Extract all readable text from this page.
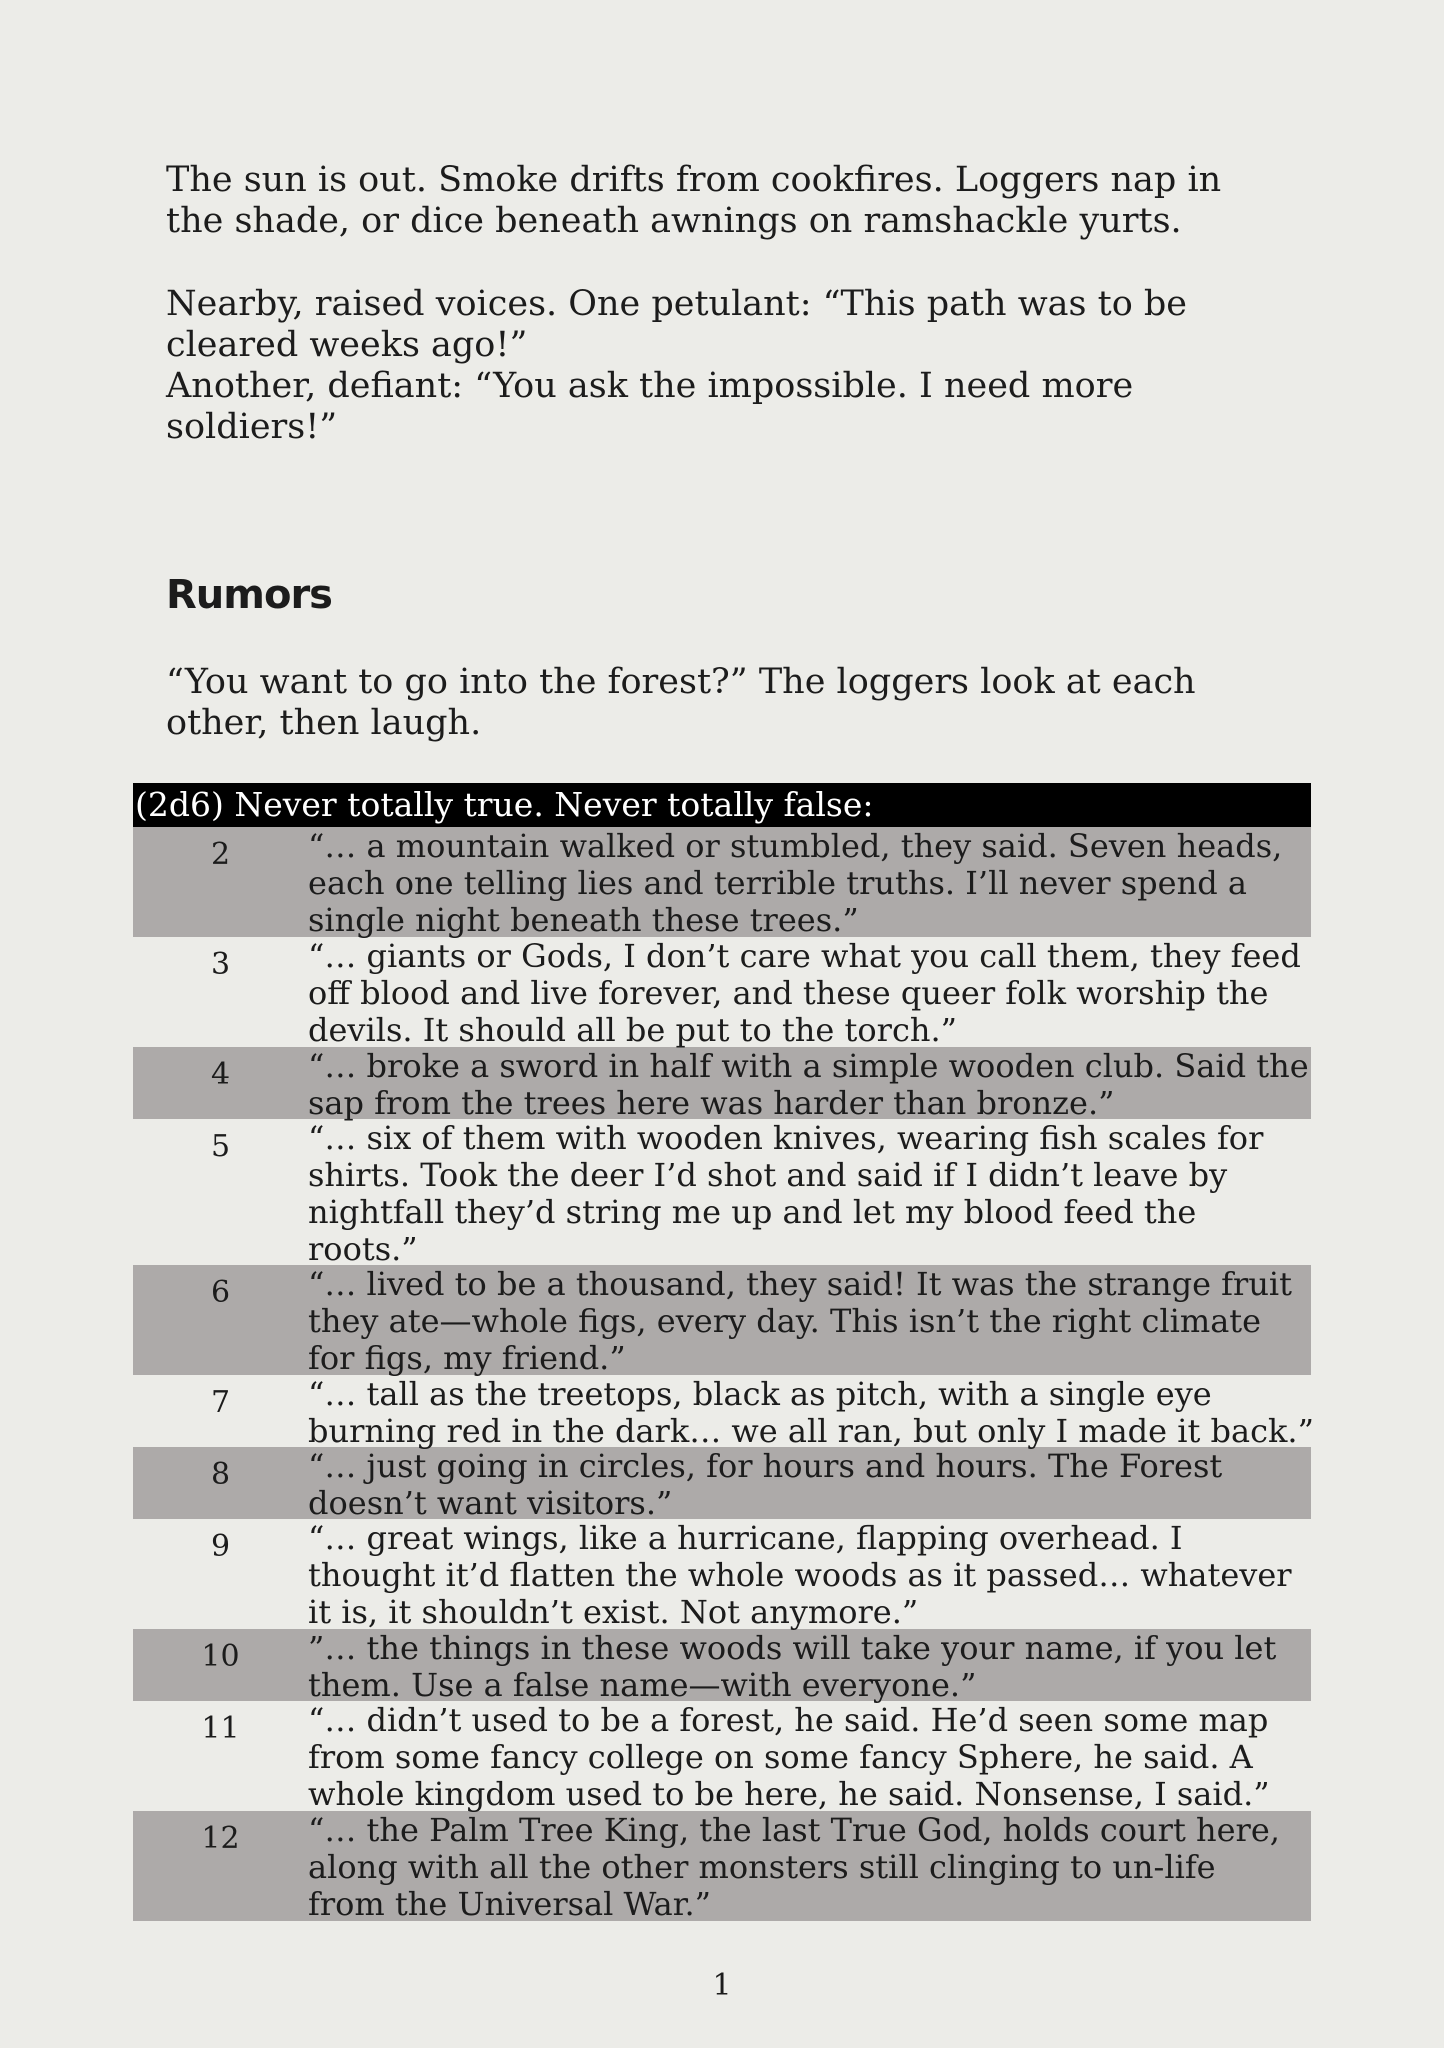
The sun is out. Smoke drifts from cookfires. Loggers nap in
the shade, or dice beneath awnings on ramshackle yurts.

Nearby, raised voices. One petulant: “This path was to be
cleared weeks ago!”
Another, defiant: “You ask the impossible. I need more
soldiers!”

Rumors

“You want to go into the forest?” The loggers look at each
other, then laugh.

(2d6) Never totally true. Never totally false:
2	“… a mountain walked or stumbled, they said. Seven heads,
each one telling lies and terrible truths. I’ll never spend a
single night beneath these trees.”
3	“… giants or Gods, I don’t care what you call them, they feed
off blood and live forever, and these queer folk worship the
devils. It should all be put to the torch.”
4	“… broke a sword in half with a simple wooden club. Said the
sap from the trees here was harder than bronze.”
5	“… six of them with wooden knives, wearing fish scales for
shirts. Took the deer I’d shot and said if I didn’t leave by
nightfall they’d string me up and let my blood feed the
roots.”
6	“… lived to be a thousand, they said! It was the strange fruit
they ate—whole figs, every day. This isn’t the right climate
for figs, my friend.”
7	“… tall as the treetops, black as pitch, with a single eye
burning red in the dark… we all ran, but only I made it back.”
8	“… just going in circles, for hours and hours. The Forest
doesn’t want visitors.”
9	“… great wings, like a hurricane, flapping overhead. I
thought it’d flatten the whole woods as it passed… whatever
it is, it shouldn’t exist. Not anymore.”
10	”… the things in these woods will take your name, if you let
them. Use a false name—with everyone.”
11	“… didn’t used to be a forest, he said. He’d seen some map
from some fancy college on some fancy Sphere, he said. A
whole kingdom used to be here, he said. Nonsense, I said.”
12	“… the Palm Tree King, the last True God, holds court here,
along with all the other monsters still clinging to un-life
from the Universal War.”
1
